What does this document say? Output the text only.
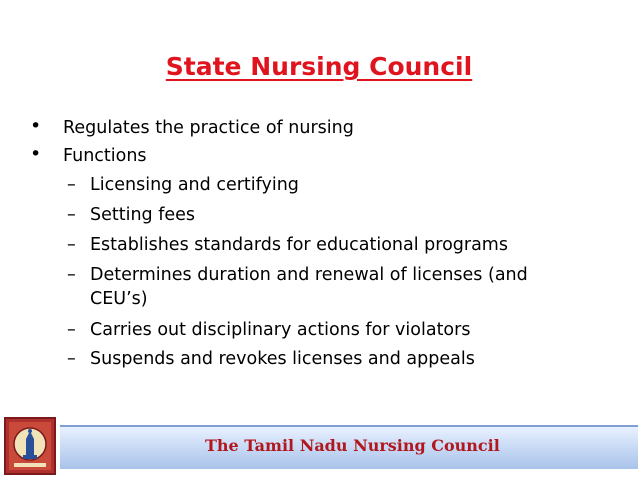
State Nursing Council
• Regulates the practice of nursing
• Functions
– Licensing and certifying
– Setting fees
– Establishes standards for educational programs
– Determines duration and renewal of licenses (and
CEU’s)
– Carries out disciplinary actions for violators
– Suspends and revokes licenses and appeals
The Tamil Nadu Nursing Council
